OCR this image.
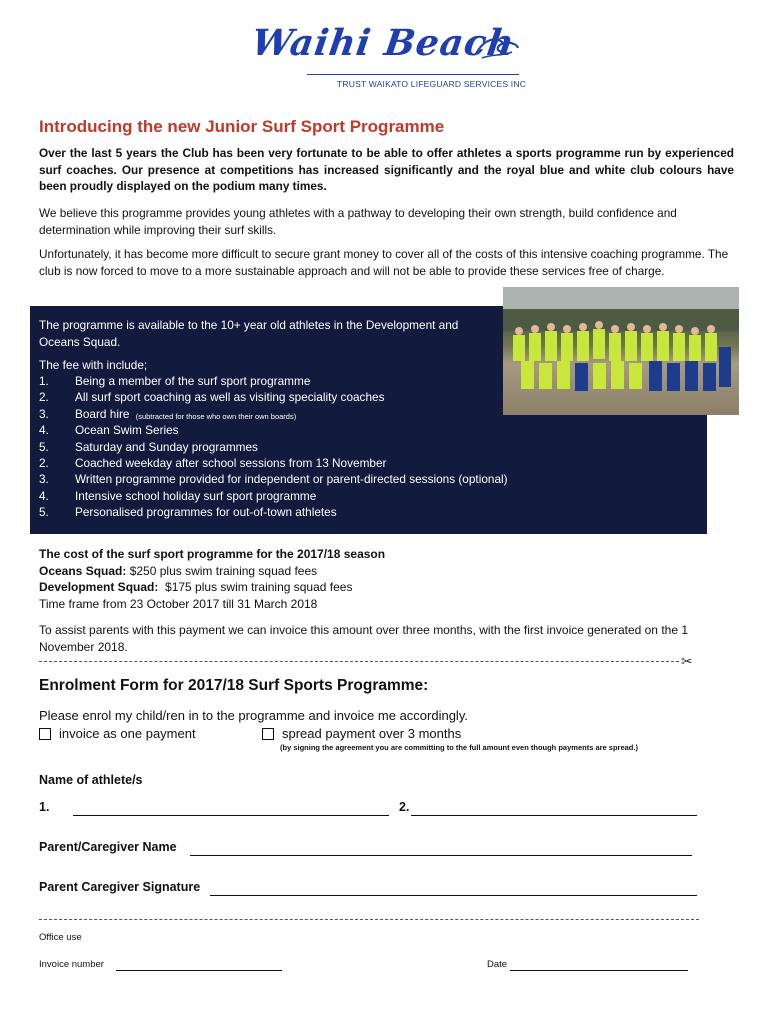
Waihi Beach
TRUST WAIKATO LIFEGUARD SERVICES INC
Introducing the new Junior Surf Sport Programme
Over the last 5 years the Club has been very fortunate to be able to offer athletes a sports programme run by experienced surf coaches. Our presence at competitions has increased significantly and the royal blue and white club colours have been proudly displayed on the podium many times.
We believe this programme provides young athletes with a pathway to developing their own strength, build confidence and determination while improving their surf skills.
Unfortunately, it has become more difficult to secure grant money to cover all of the costs of this intensive coaching programme. The club is now forced to move to a more sustainable approach and will not be able to provide these services free of charge.
The programme is available to the 10+ year old athletes in the Development and Oceans Squad.
The fee with include;
1.	Being a member of the surf sport programme
2.	All surf sport coaching as well as visiting speciality coaches
3.	Board hire (subtracted for those who own their own boards)
4.	Ocean Swim Series
5.	Saturday and Sunday programmes
2.	Coached weekday after school sessions from 13 November
3.	Written programme provided for independent or parent-directed sessions (optional)
4.	Intensive school holiday surf sport programme
5.	Personalised programmes for out-of-town athletes
The cost of the surf sport programme for the 2017/18 season
Oceans Squad: $250 plus swim training squad fees
Development Squad:  $175 plus swim training squad fees
Time frame from 23 October 2017 till 31 March 2018
To assist parents with this payment we can invoice this amount over three months, with the first invoice generated on the 1 November 2018.
✂
Enrolment Form for 2017/18 Surf Sports Programme:
Please enrol my child/ren in to the programme and invoice me accordingly.
invoice as one payment	spread payment over 3 months
(by signing the agreement you are committing to the full amount even though payments are spread.)
Name of athlete/s
1.	2.
Parent/Caregiver Name
Parent Caregiver Signature
Office use
Invoice number	Date
